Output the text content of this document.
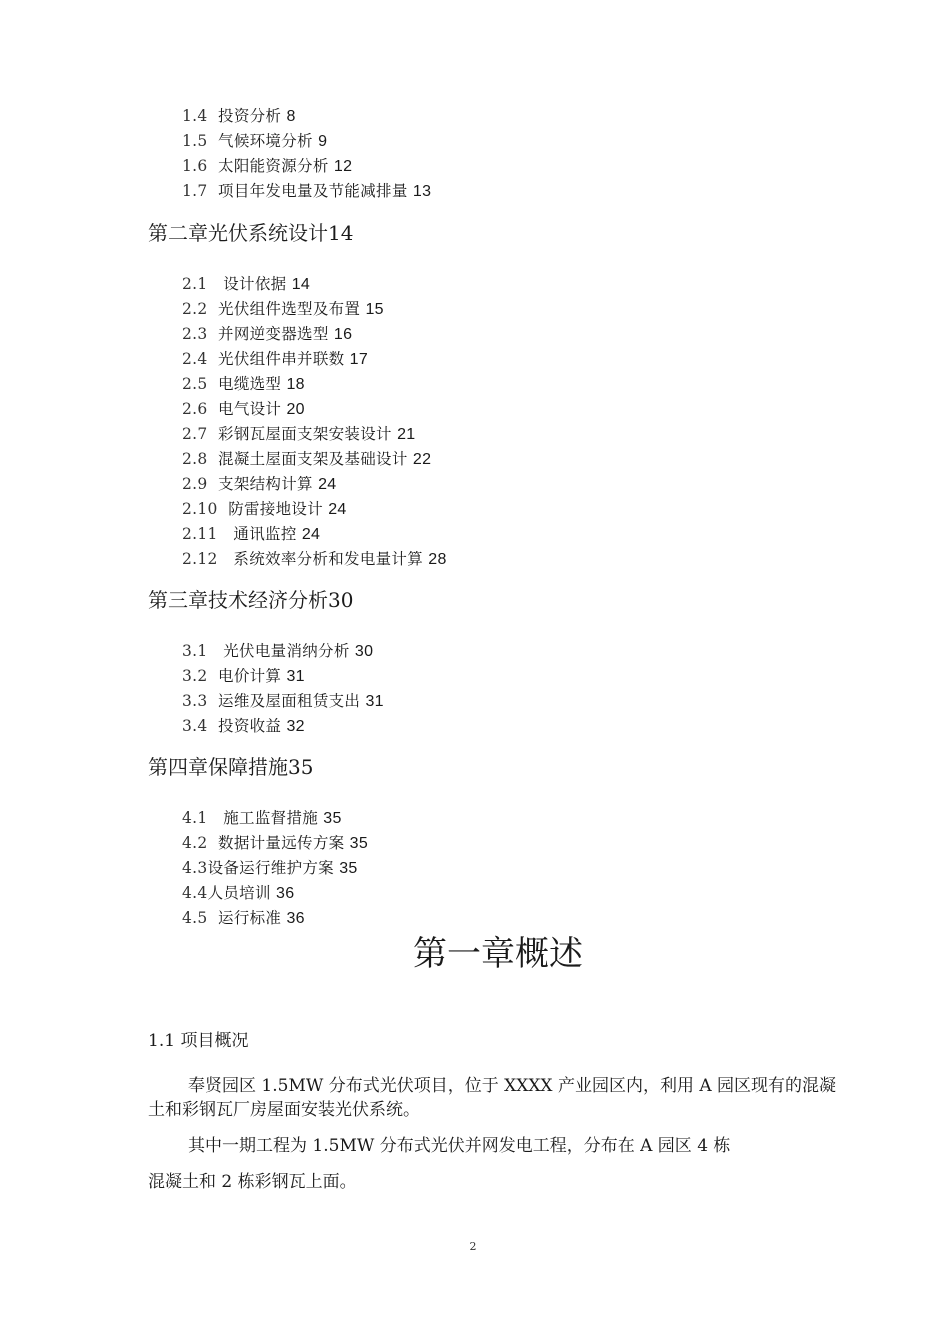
1.4 投资分析 8
1.5 气候环境分析 9
1.6 太阳能资源分析 12
1.7 项目年发电量及节能减排量 13
第二章光伏系统设计14
2.1   设计依据 14
2.2 光伏组件选型及布置 15
2.3 并网逆变器选型 16
2.4 光伏组件串并联数 17
2.5 电缆选型 18
2.6 电气设计 20
2.7 彩钢瓦屋面支架安装设计 21
2.8 混凝土屋面支架及基础设计 22
2.9 支架结构计算 24
2.10 防雷接地设计 24
2.11   通讯监控 24
2.12   系统效率分析和发电量计算 28
第三章技术经济分析30
3.1   光伏电量消纳分析 30
3.2 电价计算 31
3.3 运维及屋面租赁支出 31
3.4 投资收益 32
第四章保障措施35
4.1   施工监督措施 35
4.2 数据计量远传方案 35
4.3设备运行维护方案 35
4.4人员培训 36
4.5 运行标准 36
第一章概述
1.1 项目概况
奉贤园区 1.5MW 分布式光伏项目，位于 XXXX 产业园区内，利用 A 园区现有的混凝土和彩钢瓦厂房屋面安装光伏系统。
其中一期工程为 1.5MW 分布式光伏并网发电工程，分布在 A 园区 4 栋
混凝土和 2 栋彩钢瓦上面。
2
